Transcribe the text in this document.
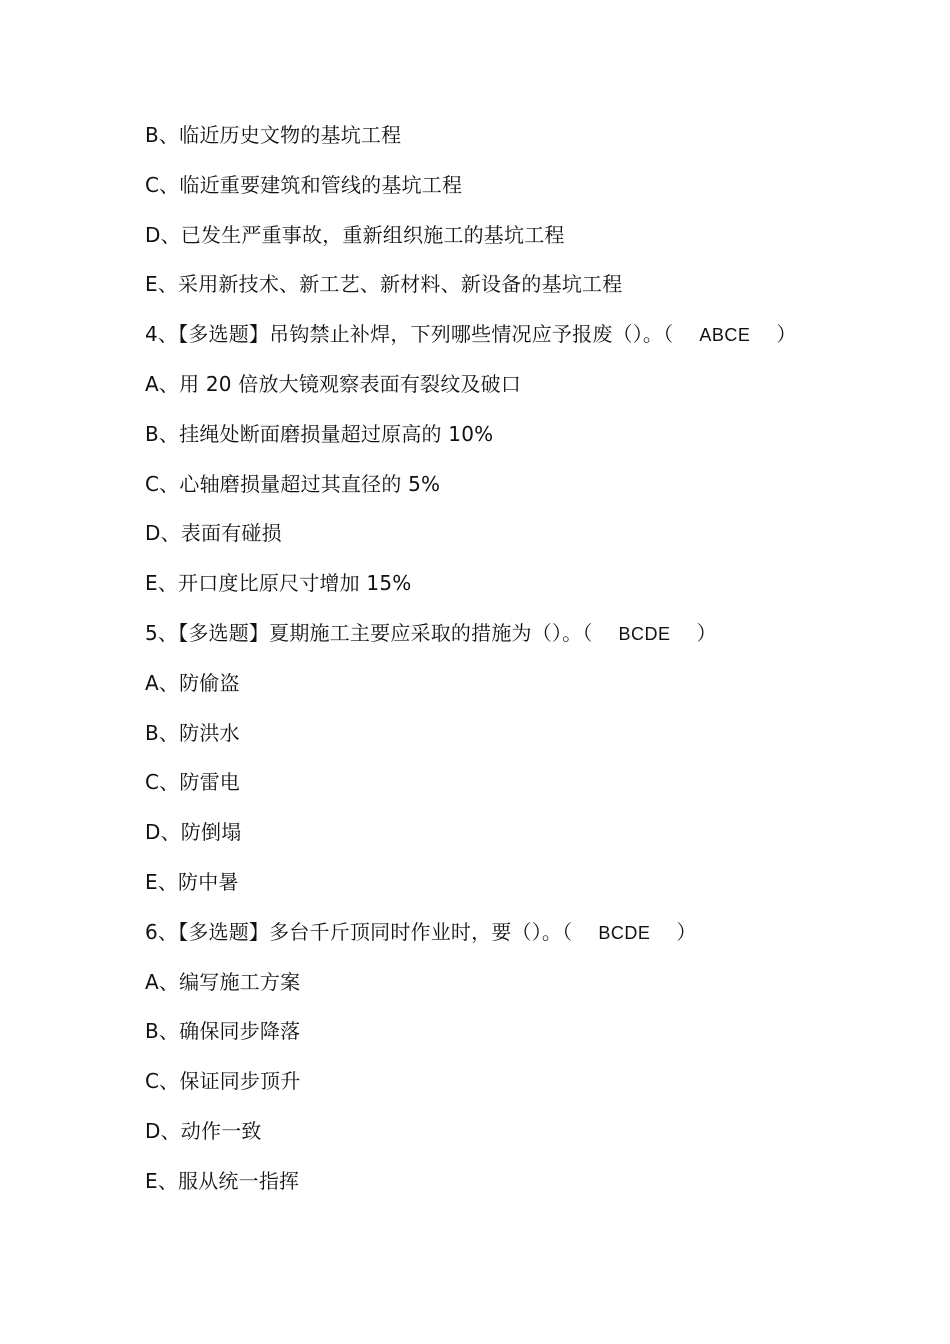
B、临近历史文物的基坑工程
C、临近重要建筑和管线的基坑工程
D、已发生严重事故，重新组织施工的基坑工程
E、采用新技术、新工艺、新材料、新设备的基坑工程
4、【多选题】吊钩禁止补焊，下列哪些情况应予报废（）。（ ABCE ）
A、用 20 倍放大镜观察表面有裂纹及破口
B、挂绳处断面磨损量超过原高的 10%
C、心轴磨损量超过其直径的 5%
D、表面有碰损
E、开口度比原尺寸增加 15%
5、【多选题】夏期施工主要应采取的措施为（）。（ BCDE ）
A、防偷盗
B、防洪水
C、防雷电
D、防倒塌
E、防中暑
6、【多选题】多台千斤顶同时作业时，要（）。（ BCDE ）
A、编写施工方案
B、确保同步降落
C、保证同步顶升
D、动作一致
E、服从统一指挥
